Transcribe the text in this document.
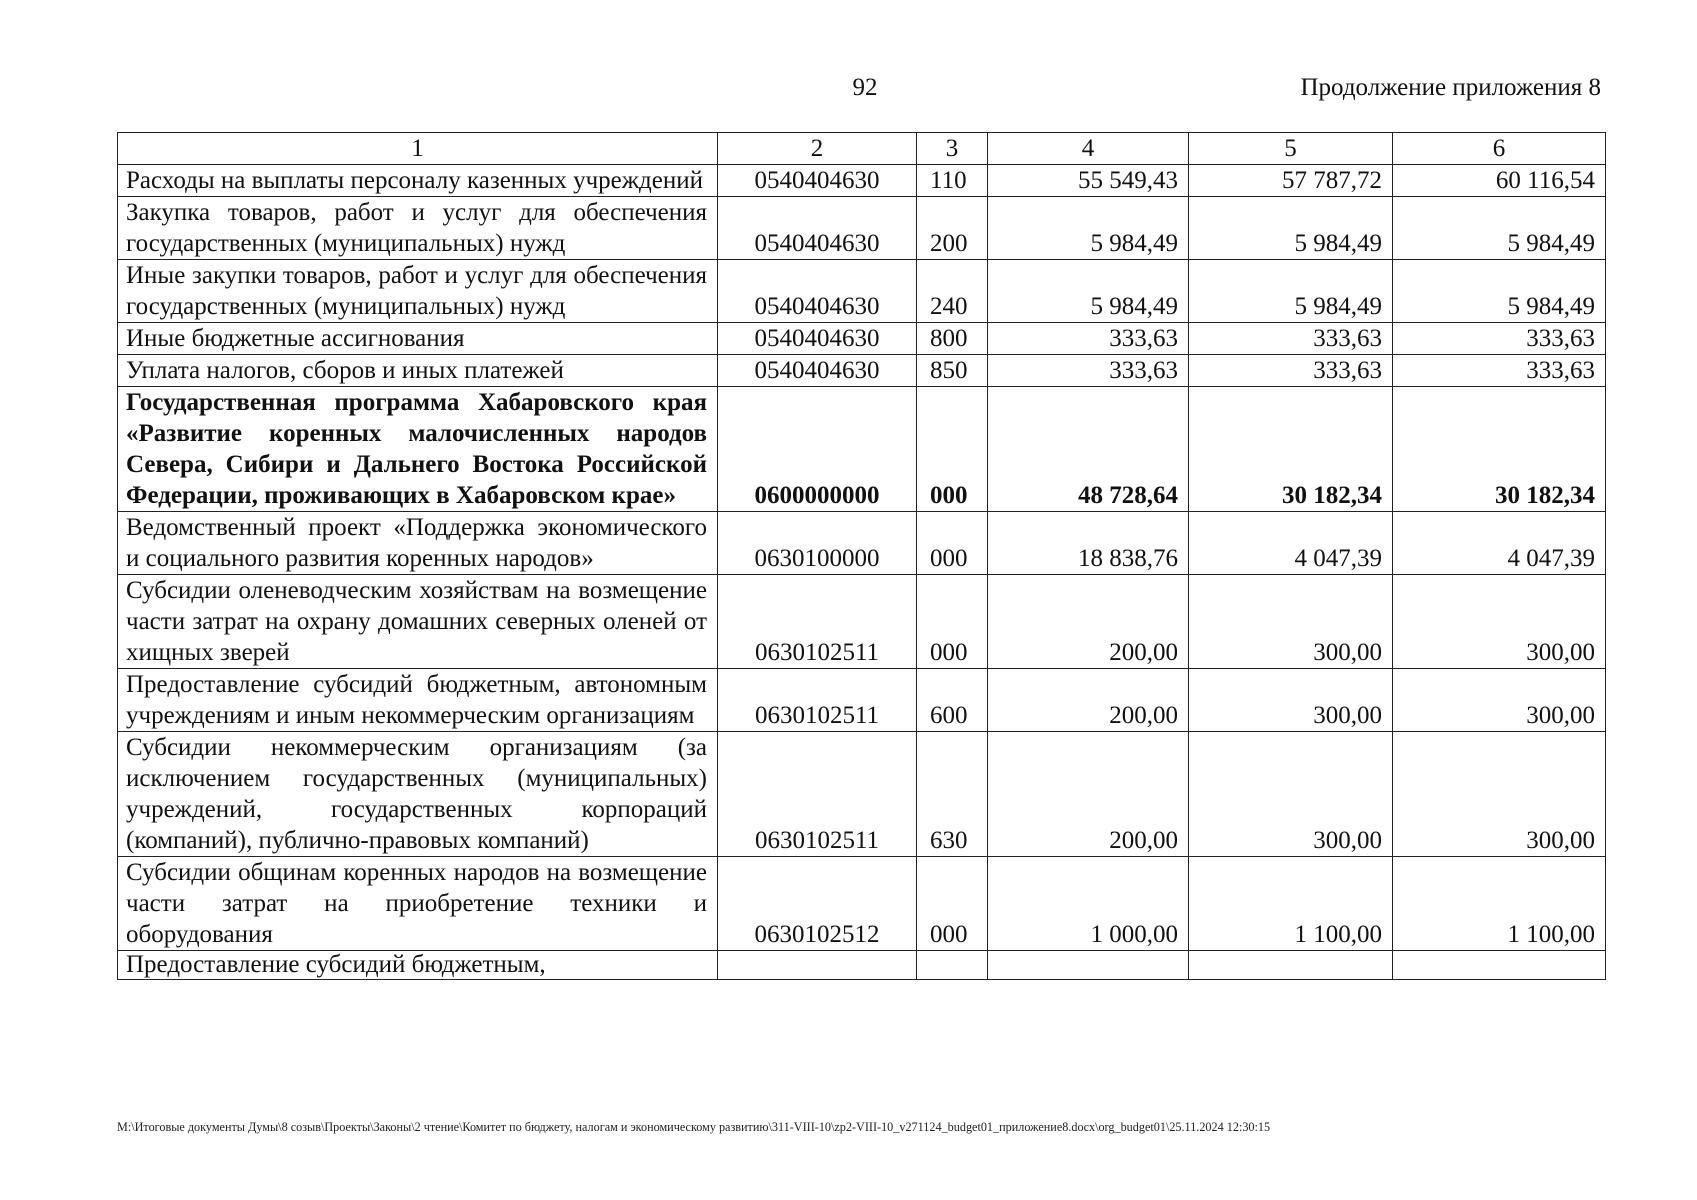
92	Продолжение приложения 8
1	2	3	4	5	6
Расходы на выплаты персоналу казенных учреждений	0540404630	110	55 549,43	57 787,72	60 116,54
Закупка товаров, работ и услуг для обеспечения государственных (муниципальных) нужд	0540404630	200	5 984,49	5 984,49	5 984,49
Иные закупки товаров, работ и услуг для обеспечения государственных (муниципальных) нужд	0540404630	240	5 984,49	5 984,49	5 984,49
Иные бюджетные ассигнования	0540404630	800	333,63	333,63	333,63
Уплата налогов, сборов и иных платежей	0540404630	850	333,63	333,63	333,63
Государственная программа Хабаровского края «Развитие коренных малочисленных народов Севера, Сибири и Дальнего Востока Российской Федерации, проживающих в Хабаровском крае»	0600000000	000	48 728,64	30 182,34	30 182,34
Ведомственный проект «Поддержка экономического и социального развития коренных народов»	0630100000	000	18 838,76	4 047,39	4 047,39
Субсидии оленеводческим хозяйствам на возмещение части затрат на охрану домашних северных оленей от хищных зверей	0630102511	000	200,00	300,00	300,00
Предоставление субсидий бюджетным, автономным учреждениям и иным некоммерческим организациям	0630102511	600	200,00	300,00	300,00
Субсидии некоммерческим организациям (за исключением государственных (муниципальных) учреждений, государственных корпораций (компаний), публично-правовых компаний)	0630102511	630	200,00	300,00	300,00
Субсидии общинам коренных народов на возмещение части затрат на приобретение техники и оборудования	0630102512	000	1 000,00	1 100,00	1 100,00
Предоставление субсидий бюджетным,					
M:\Итоговые документы Думы\8 созыв\Проекты\Законы\2 чтение\Комитет по бюджету, налогам и экономическому развитию\311-VIII-10\zp2-VIII-10_v271124_budget01_приложение8.docx\org_budget01\25.11.2024 12:30:15
